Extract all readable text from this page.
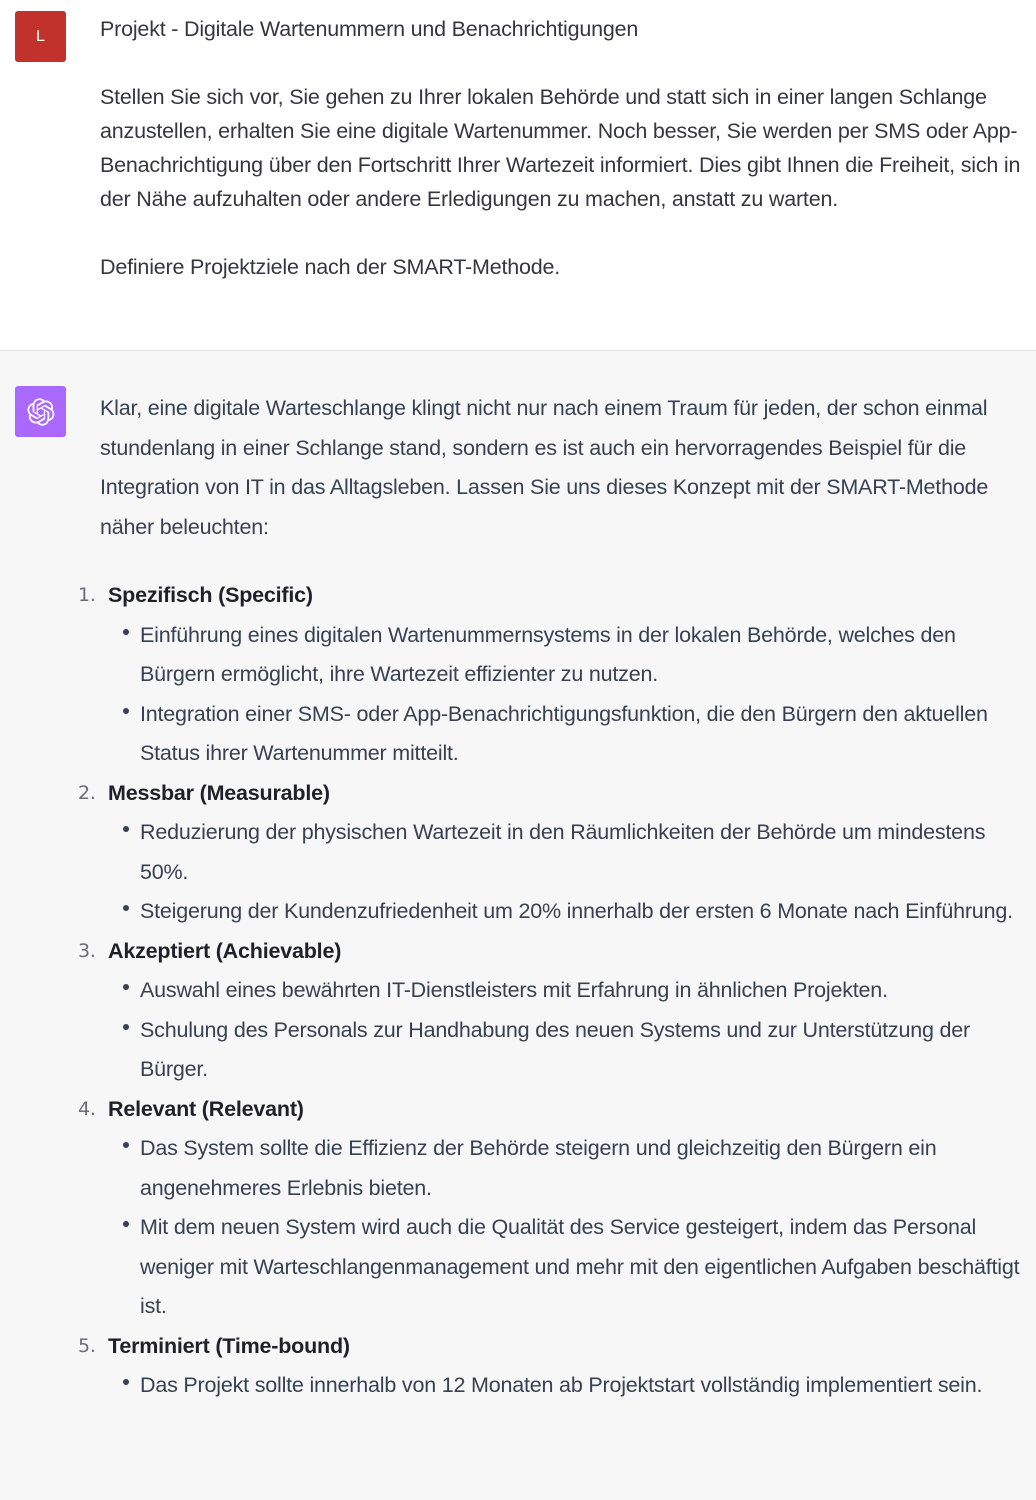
L	Projekt - Digitale Wartenummern und Benachrichtigungen

Stellen Sie sich vor, Sie gehen zu Ihrer lokalen Behörde und statt sich in einer langen Schlange anzustellen, erhalten Sie eine digitale Wartenummer. Noch besser, Sie werden per SMS oder App-Benachrichtigung über den Fortschritt Ihrer Wartezeit informiert. Dies gibt Ihnen die Freiheit, sich in der Nähe aufzuhalten oder andere Erledigungen zu machen, anstatt zu warten.

Definiere Projektziele nach der SMART-Methode.

Klar, eine digitale Warteschlange klingt nicht nur nach einem Traum für jeden, der schon einmal stundenlang in einer Schlange stand, sondern es ist auch ein hervorragendes Beispiel für die Integration von IT in das Alltagsleben. Lassen Sie uns dieses Konzept mit der SMART-Methode näher beleuchten:

1. Spezifisch (Specific)
Einführung eines digitalen Wartenummernsystems in der lokalen Behörde, welches den Bürgern ermöglicht, ihre Wartezeit effizienter zu nutzen.
Integration einer SMS- oder App-Benachrichtigungsfunktion, die den Bürgern den aktuellen Status ihrer Wartenummer mitteilt.
2. Messbar (Measurable)
Reduzierung der physischen Wartezeit in den Räumlichkeiten der Behörde um mindestens 50%.
Steigerung der Kundenzufriedenheit um 20% innerhalb der ersten 6 Monate nach Einführung.
3. Akzeptiert (Achievable)
Auswahl eines bewährten IT-Dienstleisters mit Erfahrung in ähnlichen Projekten.
Schulung des Personals zur Handhabung des neuen Systems und zur Unterstützung der Bürger.
4. Relevant (Relevant)
Das System sollte die Effizienz der Behörde steigern und gleichzeitig den Bürgern ein angenehmeres Erlebnis bieten.
Mit dem neuen System wird auch die Qualität des Service gesteigert, indem das Personal weniger mit Warteschlangenmanagement und mehr mit den eigentlichen Aufgaben beschäftigt ist.
5. Terminiert (Time-bound)
Das Projekt sollte innerhalb von 12 Monaten ab Projektstart vollständig implementiert sein.
